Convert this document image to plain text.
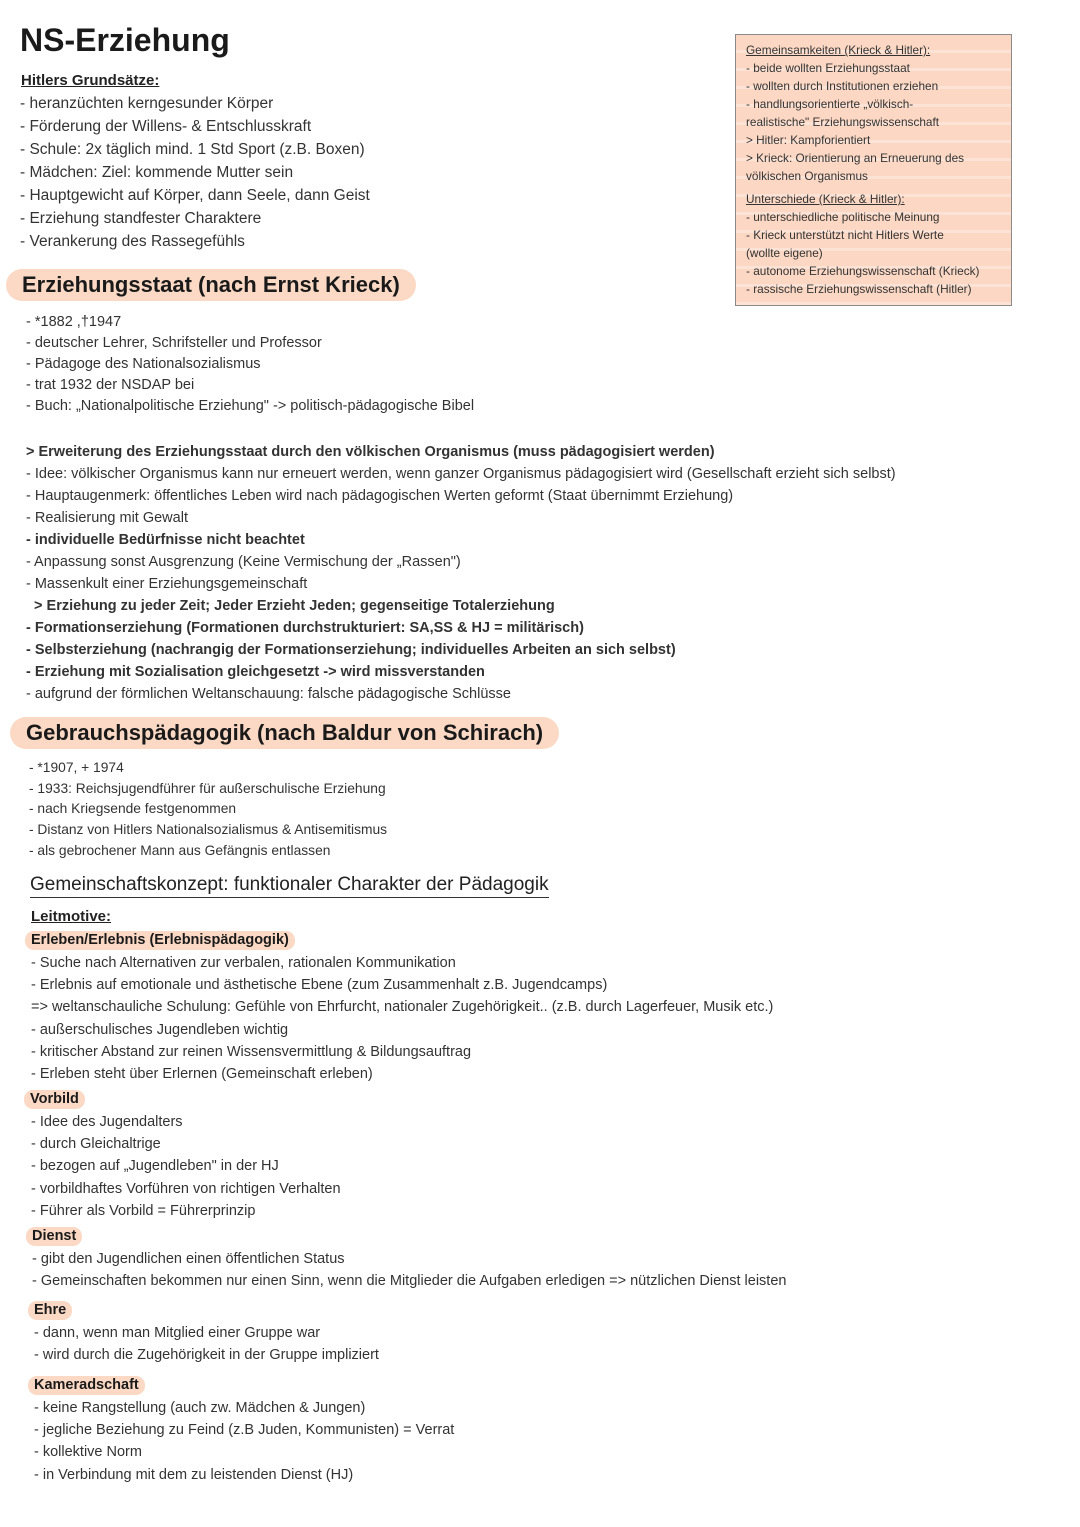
NS-Erziehung
Hitlers Grundsätze:
- heranzüchten kerngesunder Körper
- Förderung der Willens- & Entschlusskraft
- Schule: 2x täglich mind. 1 Std Sport (z.B. Boxen)
- Mädchen: Ziel: kommende Mutter sein
- Hauptgewicht auf Körper, dann Seele, dann Geist
- Erziehung standfester Charaktere
- Verankerung des Rassegefühls
Gemeinsamkeiten (Krieck & Hitler):
- beide wollten Erziehungsstaat
- wollten durch Institutionen erziehen
- handlungsorientierte „völkisch-
realistische" Erziehungswissenschaft
> Hitler: Kampforientiert
> Krieck: Orientierung an Erneuerung des
völkischen Organismus
Unterschiede (Krieck & Hitler):
- unterschiedliche politische Meinung
- Krieck unterstützt nicht Hitlers Werte
(wollte eigene)
- autonome Erziehungswissenschaft (Krieck)
- rassische Erziehungswissenschaft (Hitler)
Erziehungsstaat (nach Ernst Krieck)
- *1882 ,†1947
- deutscher Lehrer, Schrifsteller und Professor
- Pädagoge des Nationalsozialismus
- trat 1932 der NSDAP bei
- Buch: „Nationalpolitische Erziehung" -> politisch-pädagogische Bibel
> Erweiterung des Erziehungsstaat durch den völkischen Organismus (muss pädagogisiert werden)
- Idee: völkischer Organismus kann nur erneuert werden, wenn ganzer Organismus pädagogisiert wird (Gesellschaft erzieht sich selbst)
- Hauptaugenmerk: öffentliches Leben wird nach pädagogischen Werten geformt (Staat übernimmt Erziehung)
- Realisierung mit Gewalt
- individuelle Bedürfnisse nicht beachtet
- Anpassung sonst Ausgrenzung (Keine Vermischung der „Rassen")
- Massenkult einer Erziehungsgemeinschaft
> Erziehung zu jeder Zeit; Jeder Erzieht Jeden; gegenseitige Totalerziehung
- Formationserziehung (Formationen durchstrukturiert: SA,SS & HJ = militärisch)
- Selbsterziehung (nachrangig der Formationserziehung; individuelles Arbeiten an sich selbst)
- Erziehung mit Sozialisation gleichgesetzt -> wird missverstanden
- aufgrund der förmlichen Weltanschauung: falsche pädagogische Schlüsse
Gebrauchspädagogik (nach Baldur von Schirach)
- *1907, + 1974
- 1933: Reichsjugendführer für außerschulische Erziehung
- nach Kriegsende festgenommen
- Distanz von Hitlers Nationalsozialismus & Antisemitismus
- als gebrochener Mann aus Gefängnis entlassen
Gemeinschaftskonzept: funktionaler Charakter der Pädagogik
Leitmotive:
Erleben/Erlebnis (Erlebnispädagogik)
- Suche nach Alternativen zur verbalen, rationalen Kommunikation
- Erlebnis auf emotionale und ästhetische Ebene (zum Zusammenhalt z.B. Jugendcamps)
=> weltanschauliche Schulung: Gefühle von Ehrfurcht, nationaler Zugehörigkeit.. (z.B. durch Lagerfeuer, Musik etc.)
- außerschulisches Jugendleben wichtig
- kritischer Abstand zur reinen Wissensvermittlung & Bildungsauftrag
- Erleben steht über Erlernen (Gemeinschaft erleben)
Vorbild
- Idee des Jugendalters
- durch Gleichaltrige
- bezogen auf „Jugendleben" in der HJ
- vorbildhaftes Vorführen von richtigen Verhalten
- Führer als Vorbild = Führerprinzip
Dienst
- gibt den Jugendlichen einen öffentlichen Status
- Gemeinschaften bekommen nur einen Sinn, wenn die Mitglieder die Aufgaben erledigen => nützlichen Dienst leisten
Ehre
- dann, wenn man Mitglied einer Gruppe war
- wird durch die Zugehörigkeit in der Gruppe impliziert
Kameradschaft
- keine Rangstellung (auch zw. Mädchen & Jungen)
- jegliche Beziehung zu Feind (z.B Juden, Kommunisten) = Verrat
- kollektive Norm
- in Verbindung mit dem zu leistenden Dienst (HJ)
